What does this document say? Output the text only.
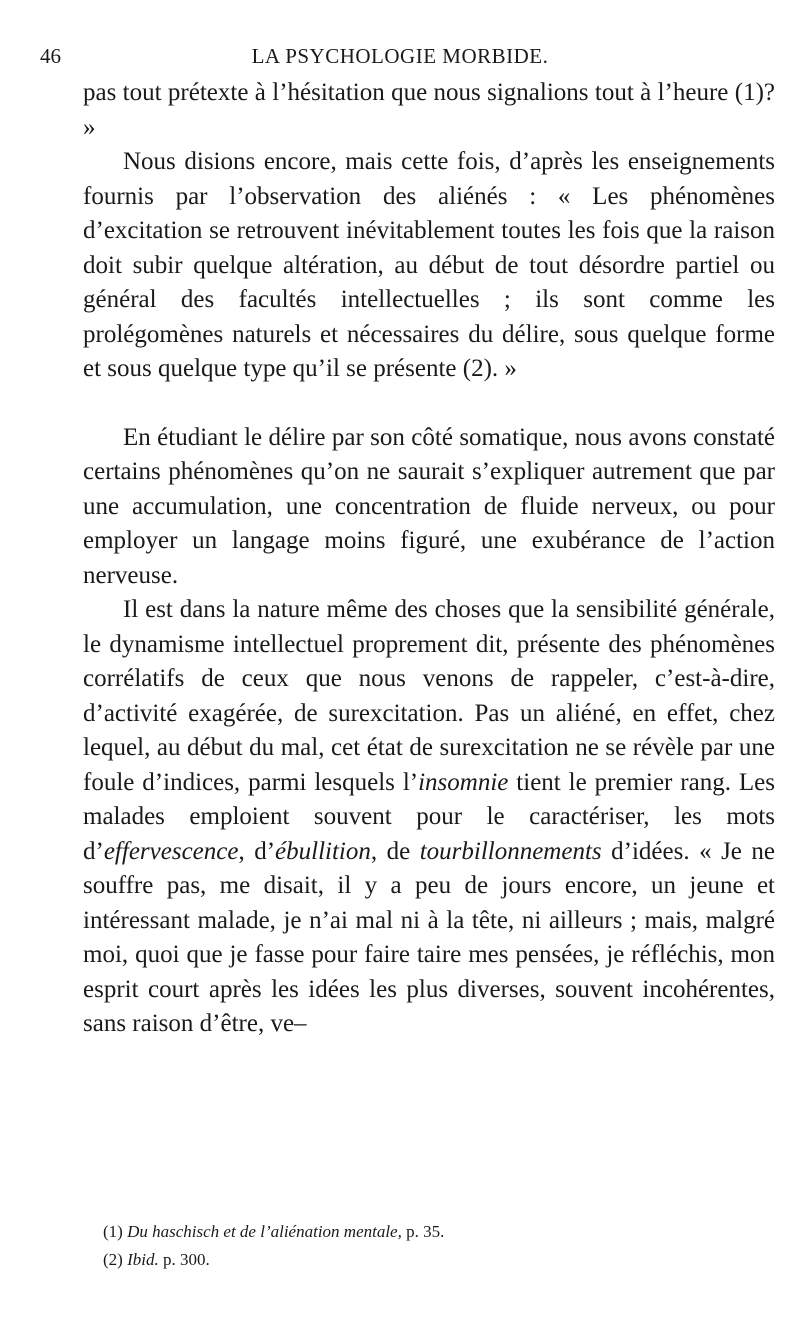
46	LA PSYCHOLOGIE MORBIDE.

pas tout prétexte à l’hésitation que nous signalions tout à l’heure (1)? »

Nous disions encore, mais cette fois, d’après les enseignements fournis par l’observation des aliénés : « Les phénomènes d’excitation se retrouvent inévitablement toutes les fois que la raison doit subir quelque altération, au début de tout désordre partiel ou général des facultés intellectuelles ; ils sont comme les prolégomènes naturels et nécessaires du délire, sous quelque forme et sous quelque type qu’il se présente (2). »

En étudiant le délire par son côté somatique, nous avons constaté certains phénomènes qu’on ne saurait s’expliquer autrement que par une accumulation, une concentration de fluide nerveux, ou pour employer un langage moins figuré, une exubérance de l’action nerveuse.

Il est dans la nature même des choses que la sensibilité générale, le dynamisme intellectuel proprement dit, présente des phénomènes corrélatifs de ceux que nous venons de rappeler, c’est-à-dire, d’activité exagérée, de surexcitation. Pas un aliéné, en effet, chez lequel, au début du mal, cet état de surexcitation ne se révèle par une foule d’indices, parmi lesquels l’insomnie tient le premier rang. Les malades emploient souvent pour le caractériser, les mots d’effervescence, d’ébullition, de tourbillonnements d’idées. « Je ne souffre pas, me disait, il y a peu de jours encore, un jeune et intéressant malade, je n’ai mal ni à la tête, ni ailleurs ; mais, malgré moi, quoi que je fasse pour faire taire mes pensées, je réfléchis, mon esprit court après les idées les plus diverses, souvent incohérentes, sans raison d’être, ve–

(1) Du haschisch et de l’aliénation mentale, p. 35.

(2) Ibid. p. 300.
